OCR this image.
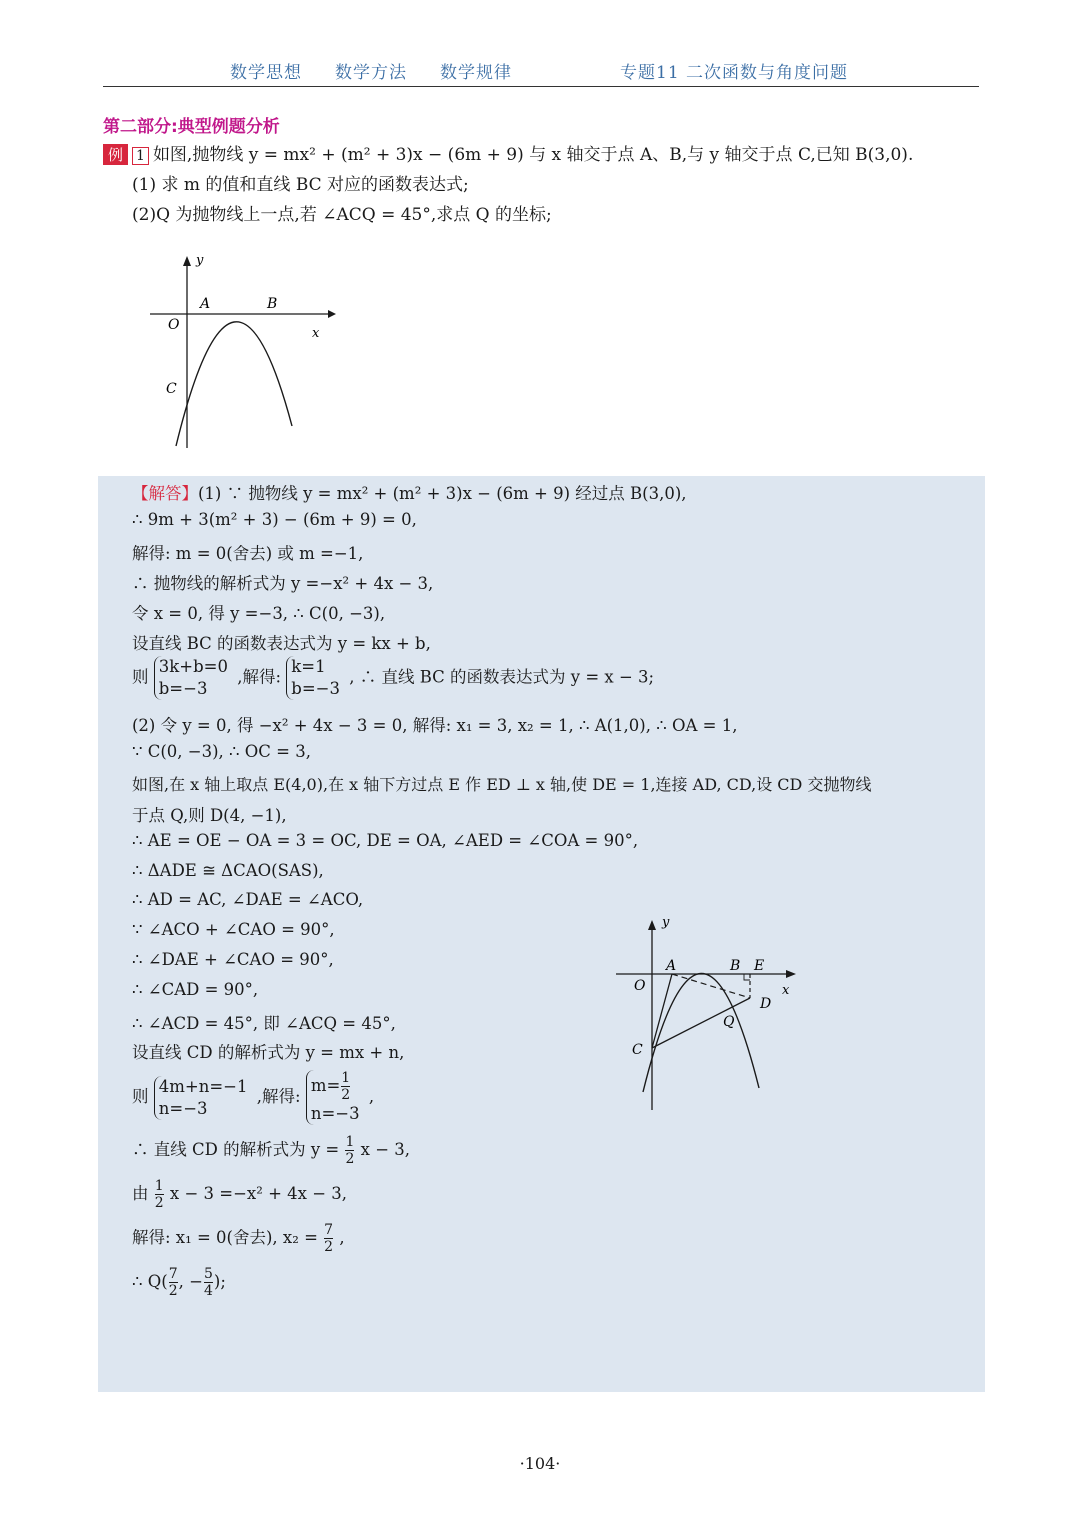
数学思想 数学方法 数学规律	专题11 二次函数与角度问题
第二部分:典型例题分析
例 1 如图,抛物线 y = mx² + (m² + 3)x − (6m + 9) 与 x 轴交于点 A、B,与 y 轴交于点 C,已知 B(3,0).
(1) 求 m 的值和直线 BC 对应的函数表达式;
(2)Q 为抛物线上一点,若 ∠ACQ = 45°,求点 Q 的坐标;
y
x
O
A	B
C
【解答】(1) ∵ 抛物线 y = mx² + (m² + 3)x − (6m + 9) 经过点 B(3,0),
∴ 9m + 3(m² + 3) − (6m + 9) = 0,
解得: m = 0(舍去) 或 m =−1,
∴ 抛物线的解析式为 y =−x² + 4x − 3,
令 x = 0, 得 y =−3, ∴ C(0, −3),
设直线 BC 的函数表达式为 y = kx + b,
则
3k+b=0
b=−3
,解得:
k=1
b=−3
, ∴ 直线 BC 的函数表达式为 y = x − 3;
(2) 令 y = 0, 得 −x² + 4x − 3 = 0, 解得: x₁ = 3, x₂ = 1, ∴ A(1,0), ∴ OA = 1,
∵ C(0, −3), ∴ OC = 3,
如图,在 x 轴上取点 E(4,0),在 x 轴下方过点 E 作 ED ⊥ x 轴,使 DE = 1,连接 AD, CD,设 CD 交抛物线
于点 Q,则 D(4, −1),
∴ AE = OE − OA = 3 = OC, DE = OA, ∠AED = ∠COA = 90°,
∴ ΔADE ≅ ΔCAO(SAS),
∴ AD = AC, ∠DAE = ∠ACO,
∵ ∠ACO + ∠CAO = 90°,
∴ ∠DAE + ∠CAO = 90°,
∴ ∠CAD = 90°,
∴ ∠ACD = 45°, 即 ∠ACQ = 45°,
设直线 CD 的解析式为 y = mx + n,
则
4m+n=−1
n=−3
,解得:
$m= \frac{1}{2}$
n=−3
,
∴ 直线 CD 的解析式为 $y = \frac{1}{2}$ x − 3,
由 $\frac{1}{2}$ x − 3 =−x² + 4x − 3,
解得: x₁ = 0(舍去), $x_2 = \frac{7}{2}$ ,
∴ $Q( \frac{7}{2}$ , − $\frac{5}{4}$ );
y
x
O
A	B E
D
Q
C
·104·
